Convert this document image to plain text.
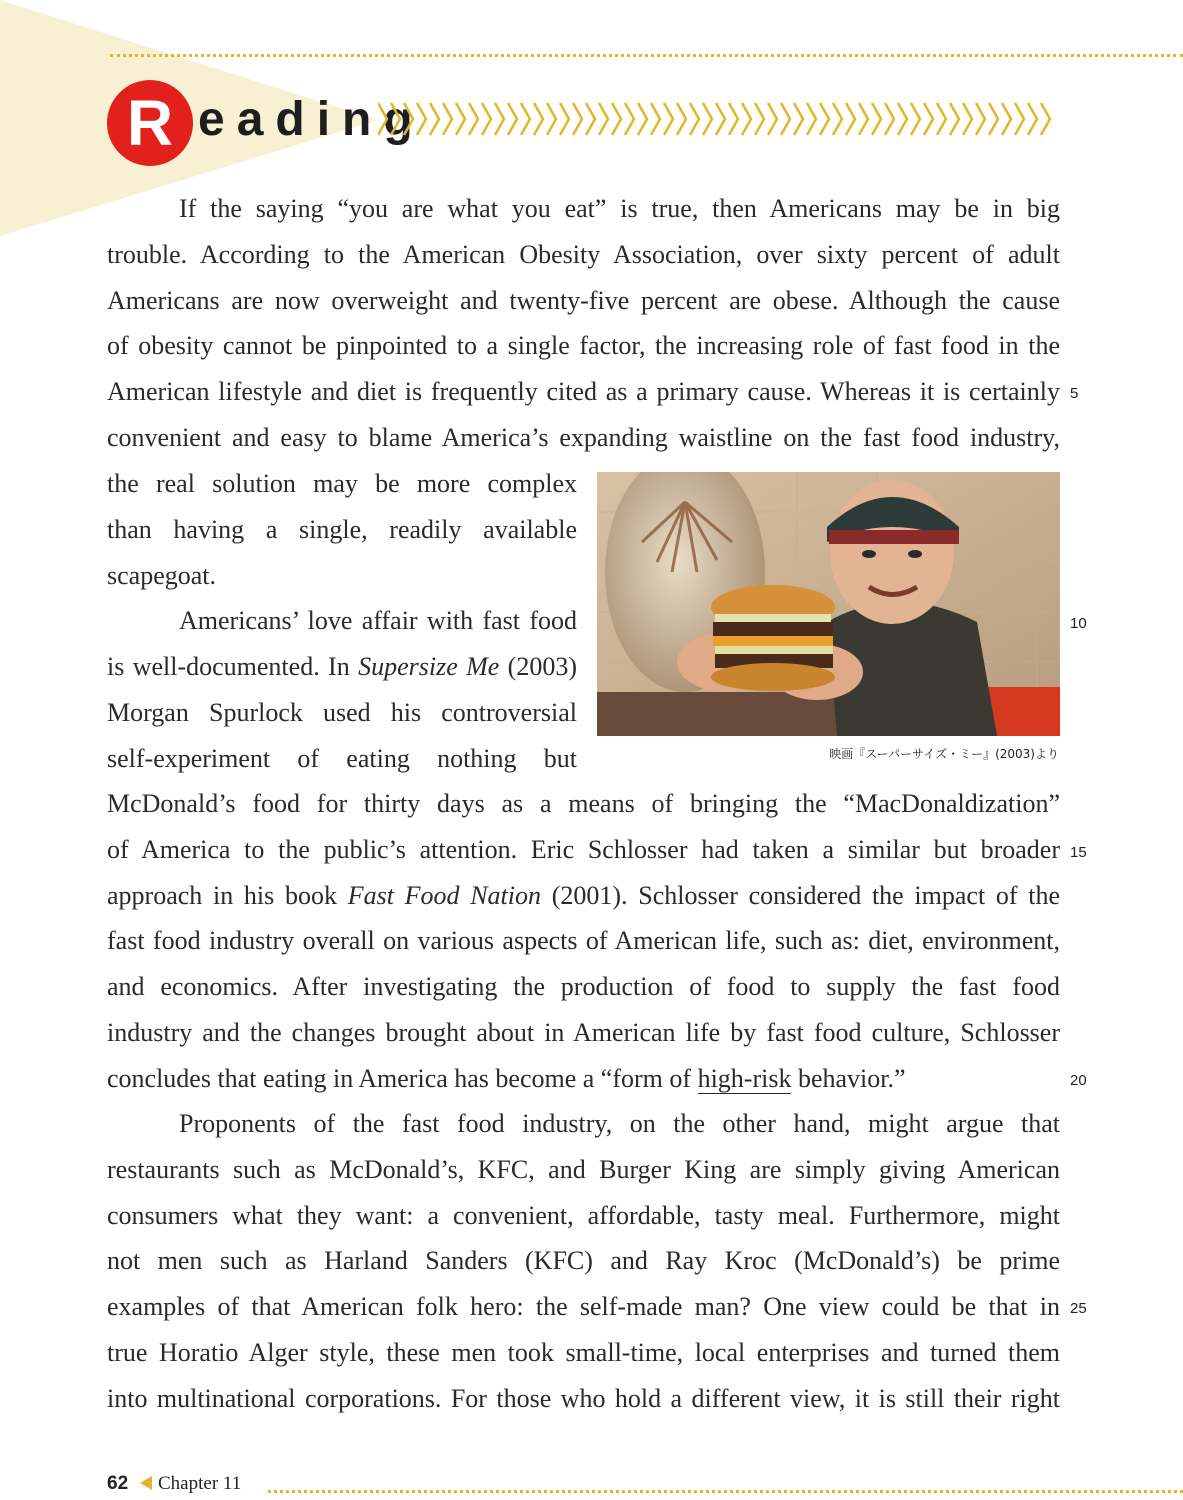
R eading
If the saying “you are what you eat” is true, then Americans may be in big
trouble. According to the American Obesity Association, over sixty percent of adult
Americans are now overweight and twenty-five percent are obese. Although the cause
of obesity cannot be pinpointed to a single factor, the increasing role of fast food in the
American lifestyle and diet is frequently cited as a primary cause. Whereas it is certainly
convenient and easy to blame America’s expanding waistline on the fast food industry,
the real solution may be more complex
than having a single, readily available
scapegoat.
Americans’ love affair with fast food
is well-documented. In Supersize Me (2003)
Morgan Spurlock used his controversial
self-experiment of eating nothing but	映画『スーパーサイズ・ミー』(2003)より
McDonald’s food for thirty days as a means of bringing the “MacDonaldization”
of America to the public’s attention. Eric Schlosser had taken a similar but broader
approach in his book Fast Food Nation (2001). Schlosser considered the impact of the
fast food industry overall on various aspects of American life, such as: diet, environment,
and economics. After investigating the production of food to supply the fast food
industry and the changes brought about in American life by fast food culture, Schlosser
concludes that eating in America has become a “form of high-risk behavior.”
Proponents of the fast food industry, on the other hand, might argue that
restaurants such as McDonald’s, KFC, and Burger King are simply giving American
consumers what they want: a convenient, affordable, tasty meal. Furthermore, might
not men such as Harland Sanders (KFC) and Ray Kroc (McDonald’s) be prime
examples of that American folk hero: the self-made man? One view could be that in
true Horatio Alger style, these men took small-time, local enterprises and turned them
into multinational corporations. For those who hold a different view, it is still their right
5
10
15
20
25
62 Chapter 11
